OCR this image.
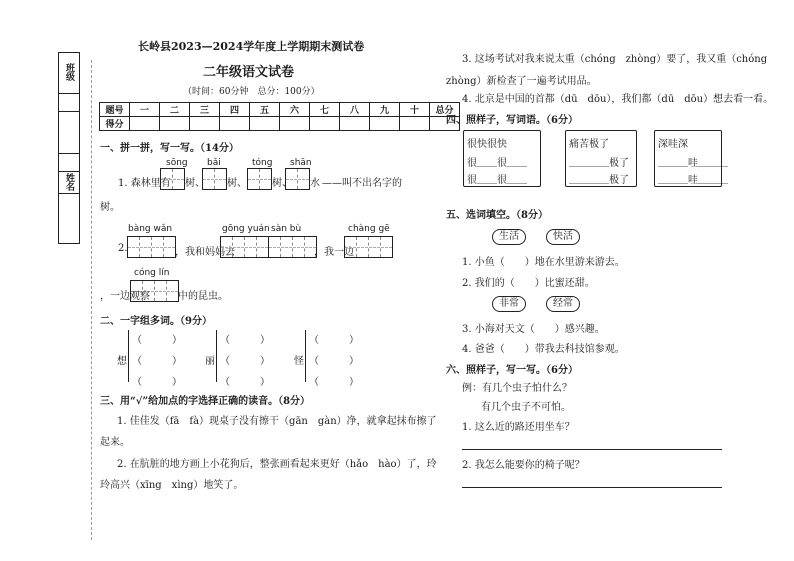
班级
姓名
长岭县2023—2024学年度上学期期末测试卷
二年级语文试卷
（时间：60分钟　总分：100分）
题号	一	二	三	四	五	六	七	八	九	十	总分
得分											
一、拼一拼，写一写。（14分）
sōng bǎi	tóng shān
1. 森林里有 树、 树、	树、 水 ——叫不出名字的
树。
bàng wǎn	gōng yuán sàn bù	chàng gē
2.	，我和妈妈去	，我一边
cóng lín
，一边观察	中的昆虫。
二、一字组多词。（9分）
想
（　　　）
（　　　）
（　　　）
丽
（　　　）
（　　　）
（　　　）
怪
（　　　）
（　　　）
（　　　）
三、用“√”给加点的字选择正确的读音。（8分）
1. 佳佳发（fā　fà）现桌子没有擦干（gān　gàn）净，就拿起抹布擦了
起来。
2. 在肮脏的地方画上小花狗后，整张画看起来更好（hǎo　hào）了，玲
玲高兴（xīng　xìng）地笑了。
3. 这场考试对我来说太重（chóng　zhòng）要了，我又重（chóng
zhòng）新检查了一遍考试用品。
4. 北京是中国的首都（dū　dōu），我们都（dū　dōu）想去看一看。
四、照样子，写词语。（6分）
很快很快
很＿＿很＿＿
很＿＿很＿＿
痛苦极了
＿＿＿＿极了
＿＿＿＿极了
深哇深
＿＿＿哇＿＿＿
＿＿＿哇＿＿＿
五、选词填空。（8分）
生活	快活
1. 小鱼（　　）地在水里游来游去。
2. 我们的（　　）比蜜还甜。
非常	经常
3. 小海对天文（　　）感兴趣。
4. 爸爸（　　）带我去科技馆参观。
六、照样子，写一写。（6分）
例：有几个虫子怕什么？
有几个虫子不可怕。
1. 这么近的路还用坐车？
2. 我怎么能要你的椅子呢？
